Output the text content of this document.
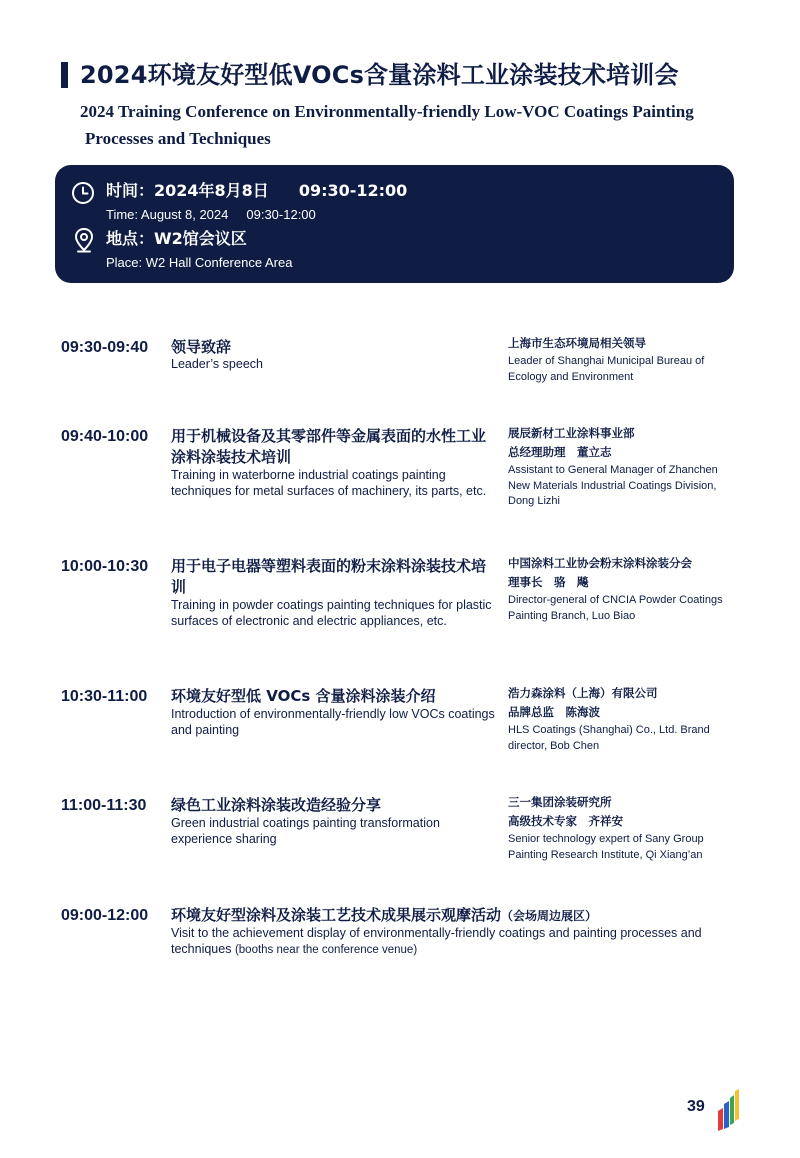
2024环境友好型低VOCs含量涂料工业涂装技术培训会
2024 Training Conference on Environmentally-friendly Low-VOC Coatings Painting
Processes and Techniques
时间：2024年8月8日 09:30-12:00
Time: August 8, 2024 09:30-12:00
地点：W2馆会议区
Place: W2 Hall Conference Area
09:30-09:40 领导致辞
Leader’s speech
上海市生态环境局相关领导
Leader of Shanghai Municipal Bureau of Ecology and Environment
09:40-10:00 用于机械设备及其零部件等金属表面的水性工业涂料涂装技术培训
Training in waterborne industrial coatings painting techniques for metal surfaces of machinery, its parts, etc.
展辰新材工业涂料事业部
总经理助理　董立志
Assistant to General Manager of Zhanchen New Materials Industrial Coatings Division, Dong Lizhi
10:00-10:30 用于电子电器等塑料表面的粉末涂料涂装技术培训
Training in powder coatings painting techniques for plastic surfaces of electronic and electric appliances, etc.
中国涂料工业协会粉末涂料涂装分会
理事长　骆　飚
Director-general of CNCIA Powder Coatings Painting Branch, Luo Biao
10:30-11:00 环境友好型低 VOCs 含量涂料涂装介绍
Introduction of environmentally-friendly low VOCs coatings and painting
浩力森涂料（上海）有限公司
品牌总监　陈海波
HLS Coatings (Shanghai) Co., Ltd. Brand director, Bob Chen
11:00-11:30 绿色工业涂料涂装改造经验分享
Green industrial coatings painting transformation experience sharing
三一集团涂装研究所
高级技术专家　齐祥安
Senior technology expert of Sany Group Painting Research Institute, Qi Xiang’an
09:00-12:00 环境友好型涂料及涂装工艺技术成果展示观摩活动（会场周边展区）
Visit to the achievement display of environmentally-friendly coatings and painting processes and techniques (booths near the conference venue)
39
